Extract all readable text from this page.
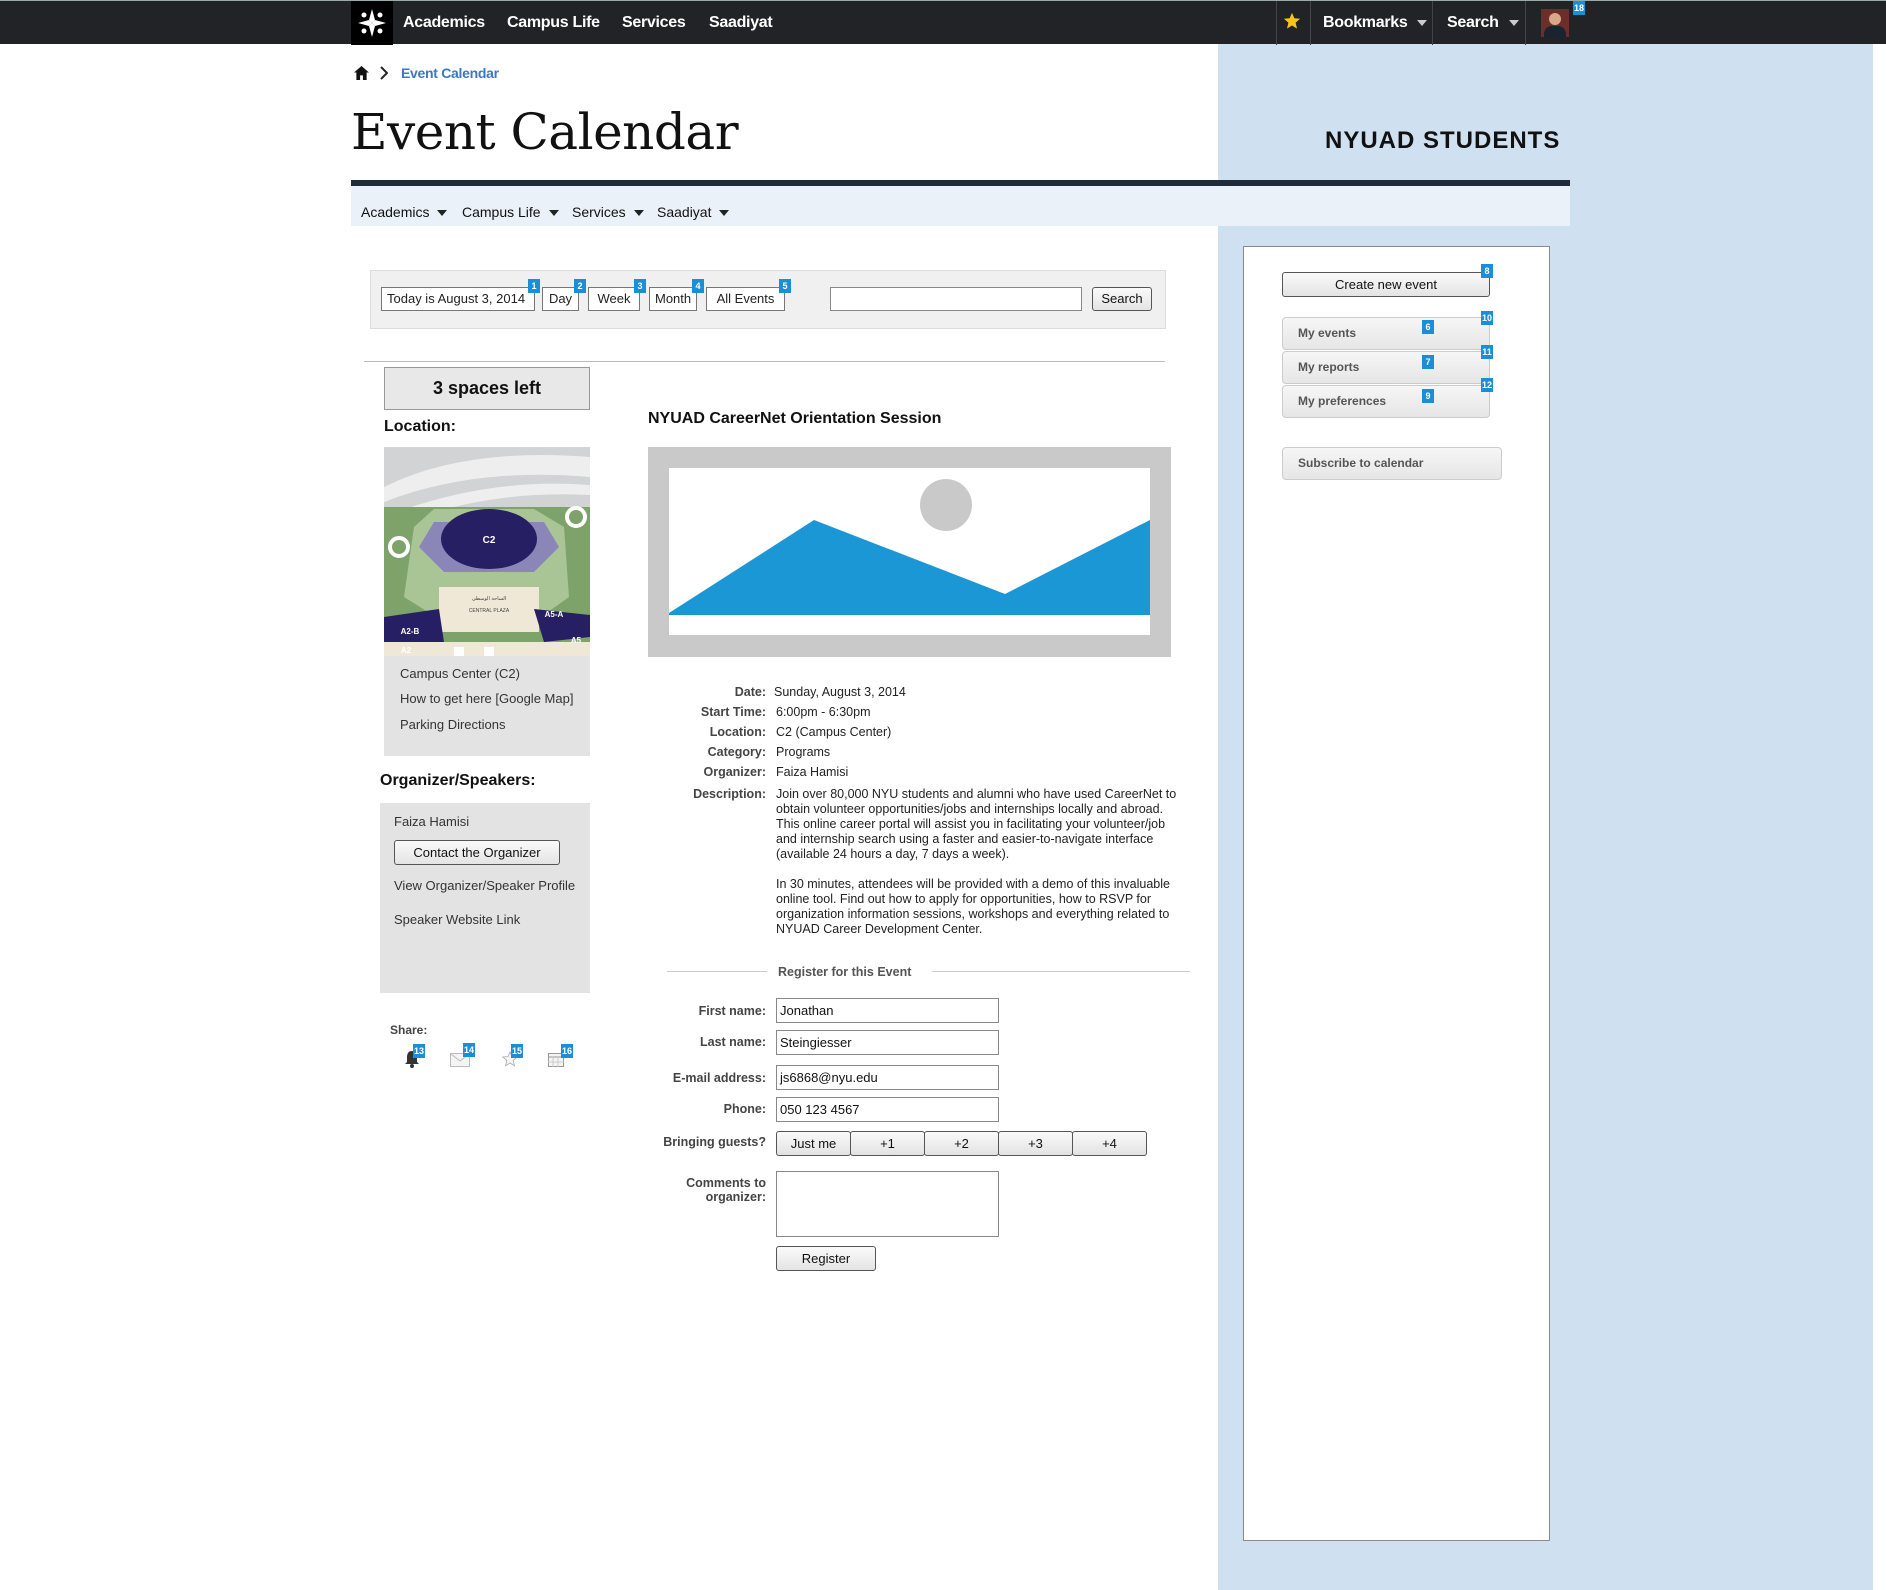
Academics Campus Life Services Saadiyat	Bookmarks	Search
18
Event Calendar
Event Calendar	NYUAD STUDENTS
Academics	Campus Life	Services	Saadiyat
Today is August 3, 2014
1
Day
2
Week
3
Month
4
All Events
5
Search
3 spaces left
Location:
C2
الساحة الوسطى
CENTRAL PLAZA
A2-B
A5-A
A5
A2
Campus Center (C2)
How to get here [Google Map]
Parking Directions
Organizer/Speakers:
Faiza Hamisi
Contact the Organizer
View Organizer/Speaker Profile
Speaker Website Link
Share:
13	14	15	16
NYUAD CareerNet Orientation Session
Date: Sunday, August 3, 2014
Start Time: 6:00pm - 6:30pm
Location: C2 (Campus Center)
Category: Programs
Organizer: Faiza Hamisi
Description: Join over 80,000 NYU students and alumni who have used CareerNet to obtain volunteer opportunities/jobs and internships locally and abroad. This online career portal will assist you in facilitating your volunteer/job and internship search using a faster and easier-to-navigate interface (available 24 hours a day, 7 days a week).
In 30 minutes, attendees will be provided with a demo of this invaluable online tool. Find out how to apply for opportunities, how to RSVP for organization information sessions, workshops and everything related to NYUAD Career Development Center.
Register for this Event
First name:	Jonathan
Last name:	Steingiesser
E-mail address:	js6868@nyu.edu
Phone:	050 123 4567
Bringing guests?	Just me	+1	+2	+3	+4
Comments to
organizer:
Register
Create new event
8
My events	6
10
My reports	7
11
My preferences	9
12
Subscribe to calendar
